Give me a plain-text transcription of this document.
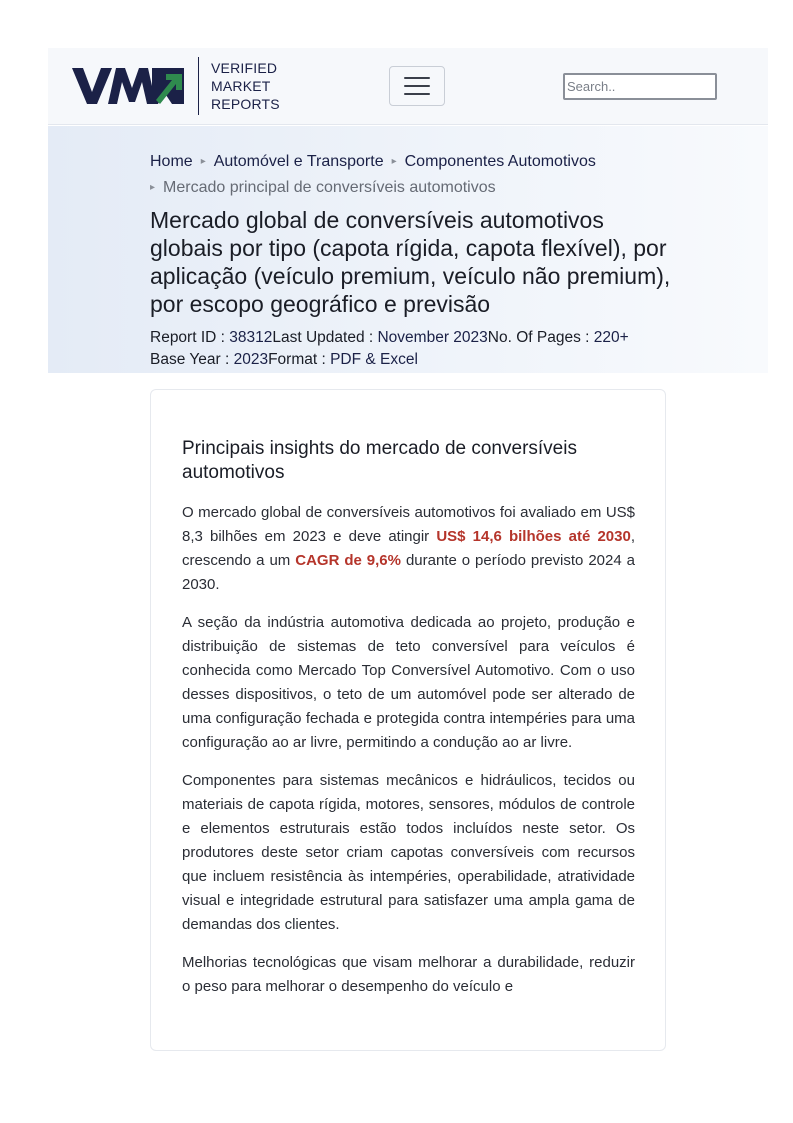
VERIFIED
MARKET
REPORTS
Search..
Home ▸ Automóvel e Transporte ▸ Componentes Automotivos
▸ Mercado principal de conversíveis automotivos
Mercado global de conversíveis automotivos globais por tipo (capota rígida, capota flexível), por aplicação (veículo premium, veículo não premium), por escopo geográfico e previsão
Report ID : 38312Last Updated : November 2023No. Of Pages : 220+
Base Year : 2023Format : PDF & Excel
Principais insights do mercado de conversíveis automotivos

O mercado global de conversíveis automotivos foi avaliado em US$ 8,3 bilhões em 2023 e deve atingir US$ 14,6 bilhões até 2030, crescendo a um CAGR de 9,6% durante o período previsto 2024 a 2030.

A seção da indústria automotiva dedicada ao projeto, produção e distribuição de sistemas de teto conversível para veículos é conhecida como Mercado Top Conversível Automotivo. Com o uso desses dispositivos, o teto de um automóvel pode ser alterado de uma configuração fechada e protegida contra intempéries para uma configuração ao ar livre, permitindo a condução ao ar livre.

Componentes para sistemas mecânicos e hidráulicos, tecidos ou materiais de capota rígida, motores, sensores, módulos de controle e elementos estruturais estão todos incluídos neste setor. Os produtores deste setor criam capotas conversíveis com recursos que incluem resistência às intempéries, operabilidade, atratividade visual e integridade estrutural para satisfazer uma ampla gama de demandas dos clientes.

Melhorias tecnológicas que visam melhorar a durabilidade, reduzir o peso para melhorar o desempenho do veículo e
